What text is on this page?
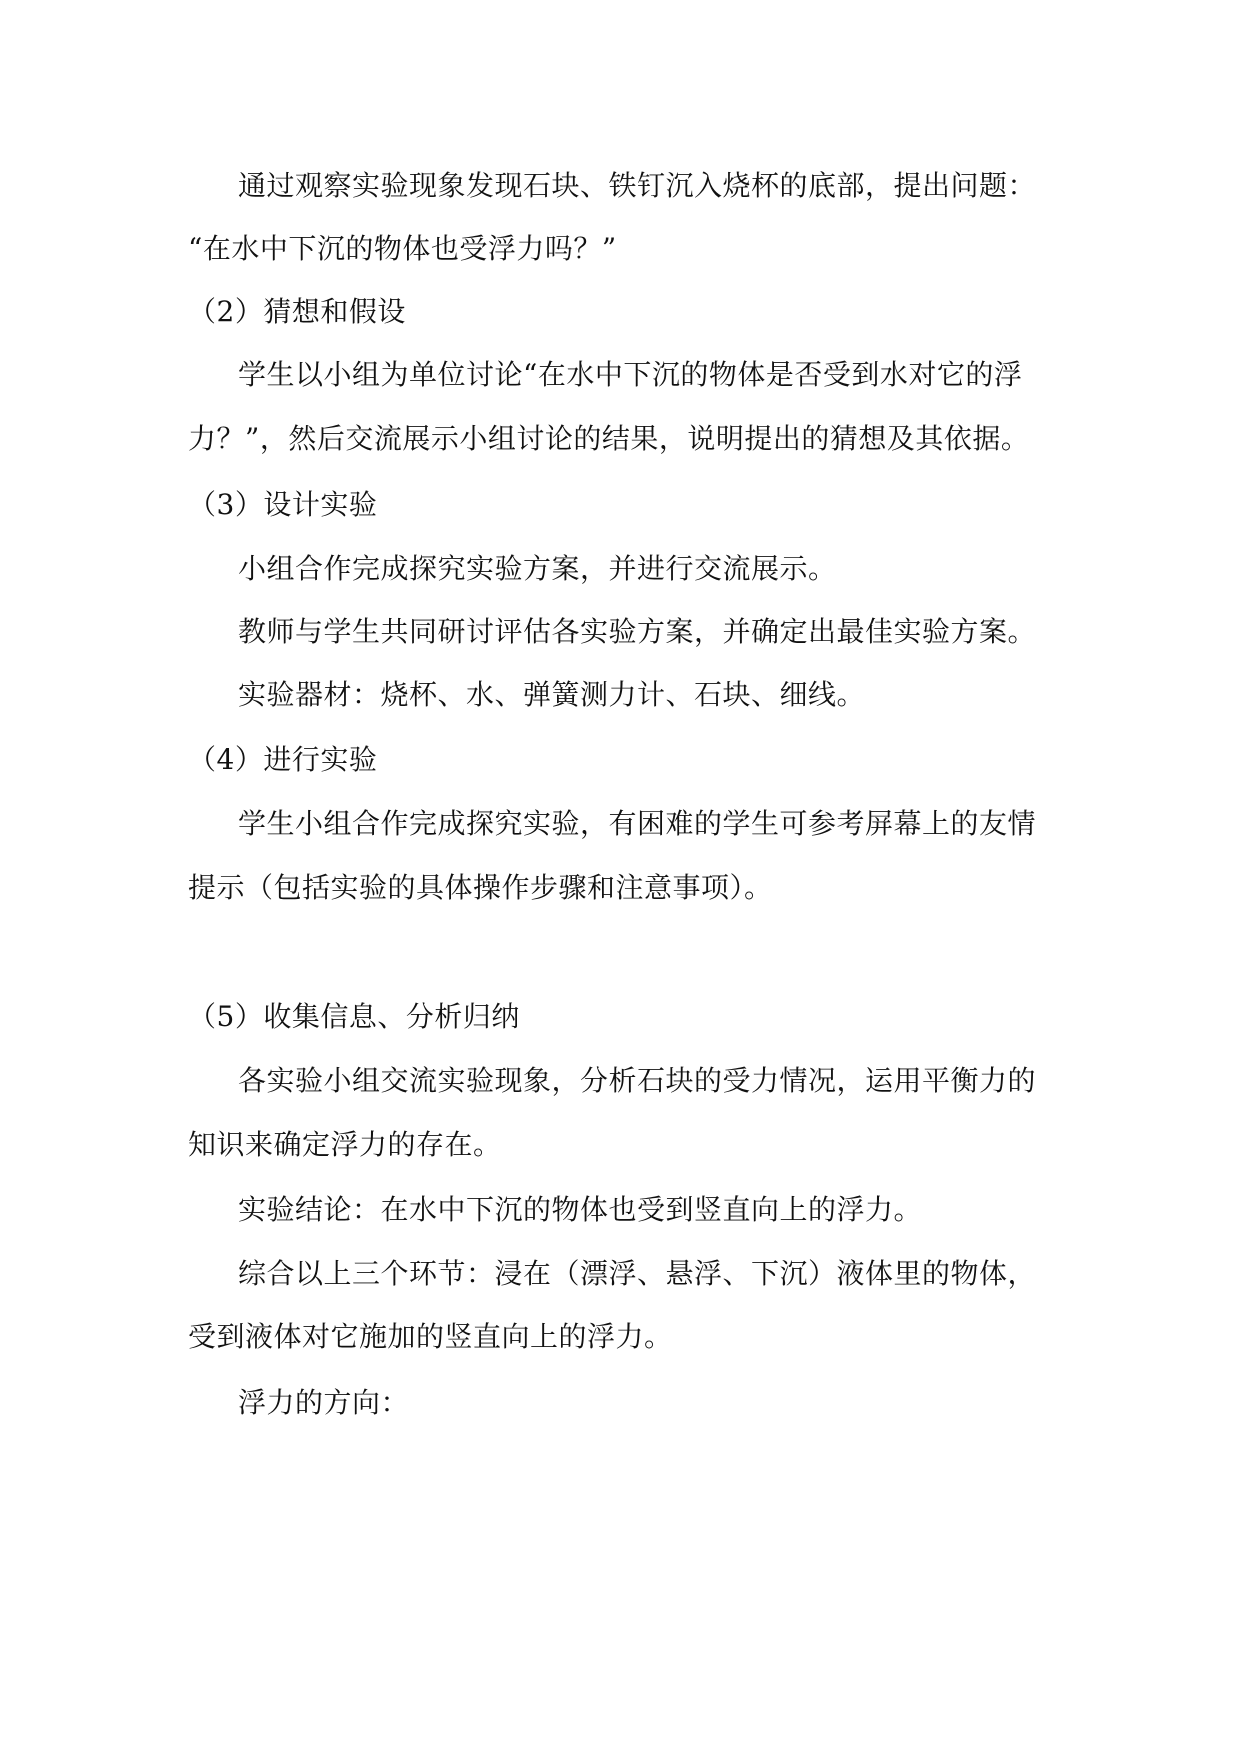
通过观察实验现象发现石块、铁钉沉入烧杯的底部，提出问题：
“在水中下沉的物体也受浮力吗？”
（2）猜想和假设
学生以小组为单位讨论“在水中下沉的物体是否受到水对它的浮
力？”，然后交流展示小组讨论的结果，说明提出的猜想及其依据。
（3）设计实验
小组合作完成探究实验方案，并进行交流展示。
教师与学生共同研讨评估各实验方案，并确定出最佳实验方案。
实验器材：烧杯、水、弹簧测力计、石块、细线。
（4）进行实验
学生小组合作完成探究实验，有困难的学生可参考屏幕上的友情
提示（包括实验的具体操作步骤和注意事项）。
（5）收集信息、分析归纳
各实验小组交流实验现象，分析石块的受力情况，运用平衡力的
知识来确定浮力的存在。
实验结论：在水中下沉的物体也受到竖直向上的浮力。
综合以上三个环节：浸在（漂浮、悬浮、下沉）液体里的物体，
受到液体对它施加的竖直向上的浮力。
浮力的方向：
